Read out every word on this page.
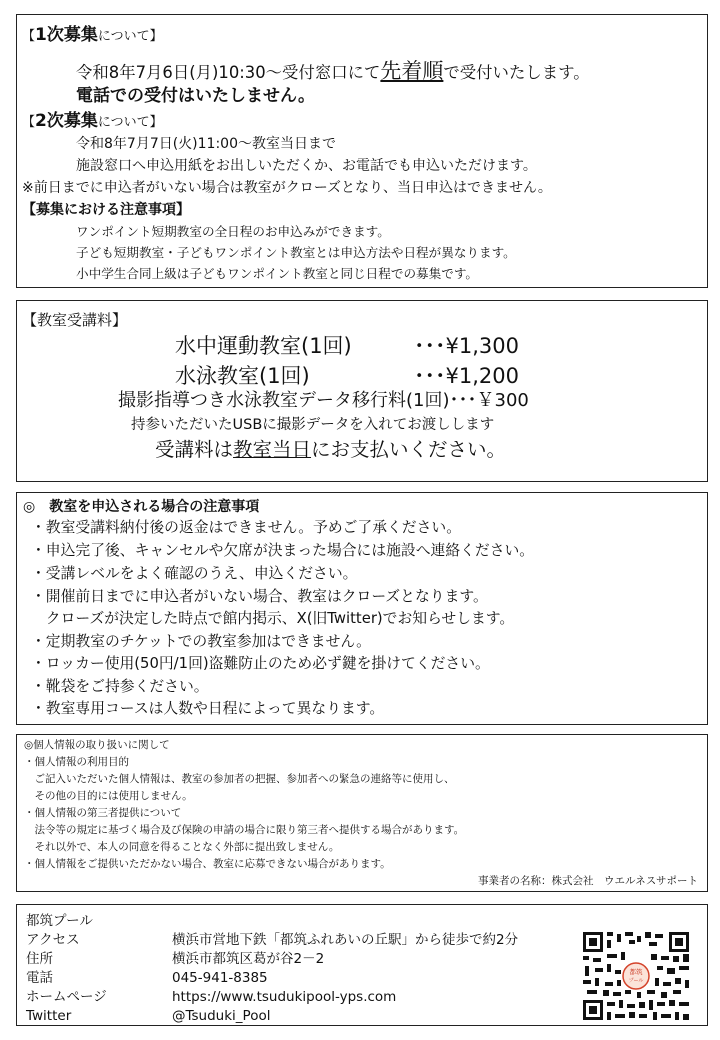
【1次募集について】
令和8年7月6日(月)10:30～受付窓口にて先着順で受付いたします。
電話での受付はいたしません。
【2次募集について】
令和8年7月7日(火)11:00～教室当日まで
施設窓口へ申込用紙をお出しいただくか、お電話でも申込いただけます。
※前日までに申込者がいない場合は教室がクローズとなり、当日申込はできません。
【募集における注意事項】
ワンポイント短期教室の全日程のお申込みができます。
子ども短期教室・子どもワンポイント教室とは申込方法や日程が異なります。
小中学生合同上級は子どもワンポイント教室と同じ日程での募集です。
【教室受講料】
水中運動教室(1回)	･･･¥1,300
水泳教室(1回)	･･･¥1,200
撮影指導つき水泳教室データ移行料(1回)･･･￥300
持参いただいたUSBに撮影データを入れてお渡しします
受講料は教室当日にお支払いください。
◎　教室を申込される場合の注意事項
・教室受講料納付後の返金はできません。予めご了承ください。
・申込完了後、キャンセルや欠席が決まった場合には施設へ連絡ください。
・受講レベルをよく確認のうえ、申込ください。
・開催前日までに申込者がいない場合、教室はクローズとなります。
　クローズが決定した時点で館内掲示、X(旧Twitter)でお知らせします。
・定期教室のチケットでの教室参加はできません。
・ロッカー使用(50円/1回)盗難防止のため必ず鍵を掛けてください。
・靴袋をご持参ください。
・教室専用コースは人数や日程によって異なります。
◎個人情報の取り扱いに関して
・個人情報の利用目的
　ご記入いただいた個人情報は、教室の参加者の把握、参加者への緊急の連絡等に使用し、
　その他の目的には使用しません。
・個人情報の第三者提供について
　法令等の規定に基づく場合及び保険の申請の場合に限り第三者へ提供する場合があります。
　それ以外で、本人の同意を得ることなく外部に提出致しません。
・個人情報をご提供いただかない場合、教室に応募できない場合があります。
事業者の名称：株式会社　ウエルネスサポート
都筑プール
アクセス	横浜市営地下鉄「都筑ふれあいの丘駅」から徒歩で約2分
住所	横浜市都筑区葛が谷2－2
電話	045-941-8385
ホームページ	https://www.tsudukipool-yps.com
Twitter	@Tsuduki_Pool
都筑
プール
